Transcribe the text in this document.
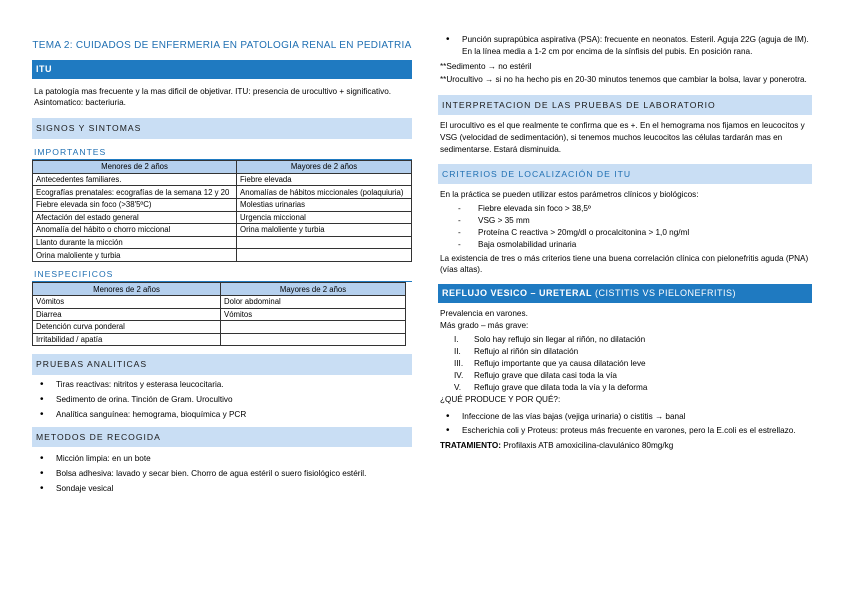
TEMA 2: CUIDADOS DE ENFERMERIA EN PATOLOGIA RENAL EN PEDIATRIA
ITU

La patología mas frecuente y la mas dificil de objetivar. ITU: presencia de urocultivo + significativo. Asintomatico: bacteriuria.

SIGNOS Y SINTOMAS
IMPORTANTES
Menores de 2 años	Mayores de 2 años
Antecedentes familiares.	Fiebre elevada
Ecografías prenatales: ecografías de la semana 12 y 20	Anomalías de hábitos miccionales (polaquiuria)
Fiebre elevada sin foco (>38'5ºC)	Molestias urinarias
Afectación del estado general	Urgencia miccional
Anomalía del hábito o chorro miccional	Orina maloliente y turbia
Llanto durante la micción	
Orina maloliente y turbia	
INESPECIFICOS
Menores de 2 años	Mayores de 2 años
Vómitos	Dolor abdominal
Diarrea	Vómitos
Detención curva ponderal	
Irritabilidad / apatía	
PRUEBAS ANALITICAS
• Tiras reactivas: nitritos y esterasa leucocitaria.
• Sedimento de orina. Tinción de Gram. Urocultivo
• Analítica sanguínea: hemograma, bioquímica y PCR
METODOS DE RECOGIDA
• Micción limpia: en un bote
• Bolsa adhesiva: lavado y secar bien. Chorro de agua estéril o suero fisiológico estéril.
• Sondaje vesical
• Punción suprapúbica aspirativa (PSA): frecuente en neonatos. Esteril. Aguja 22G (aguja de IM). En la línea media a 1-2 cm por encima de la sínfisis del pubis. En posición rana.

**Sedimento → no estéril

**Urocultivo → si no ha hecho pis en 20-30 minutos tenemos que cambiar la bolsa, lavar y ponerotra.

INTERPRETACION DE LAS PRUEBAS DE LABORATORIO

El urocultivo es el que realmente te confirma que es +. En el hemograma nos fijamos en leucocitos y VSG (velocidad de sedimentación), si tenemos muchos leucocitos las células tardarán mas en sedimentarse. Estará disminuida.

CRITERIOS DE LOCALIZACIÓN DE ITU

En la práctica se pueden utilizar estos parámetros clínicos y biológicos:

- Fiebre elevada sin foco > 38,5º
- VSG > 35 mm
- Proteína C reactiva > 20mg/dl o procalcitonina > 1,0 ng/ml
- Baja osmolabilidad urinaria

La existencia de tres o más criterios tiene una buena correlación clínica con pielonefritis aguda (PNA) (vías altas).

REFLUJO VESICO – URETERAL (CISTITIS VS PIELONEFRITIS)

Prevalencia en varones.

Más grado – más grave:

I.	Solo hay reflujo sin llegar al riñón, no dilatación
II.	Reflujo al riñón sin dilatación
III.	Reflujo importante que ya causa dilatación leve
IV.	Reflujo grave que dilata casi toda la vía
V.	Reflujo grave que dilata toda la vía y la deforma

¿QUÉ PRODUCE Y POR QUÉ?:

• Infeccione de las vías bajas (vejiga urinaria) o cistitis → banal
• Escherichia coli y Proteus: proteus más frecuente en varones, pero la E.coli es el estrellazo.

TRATAMIENTO: Profilaxis ATB amoxicilina-clavulánico 80mg/kg
